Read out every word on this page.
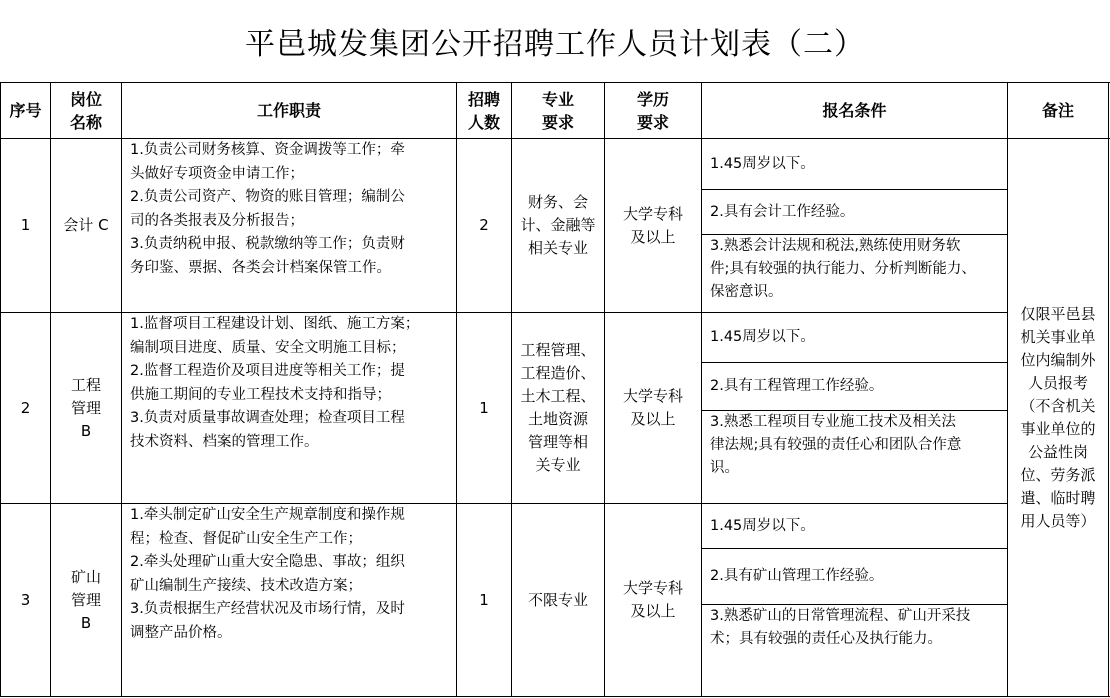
平邑城发集团公开招聘工作人员计划表（二）
序号
岗位
名称
工作职责
招聘
人数
专业
要求
学历
要求
报名条件	备注
1 会计 C
1.负责公司财务核算、资金调拨等工作；牵
头做好专项资金申请工作；
2.负责公司资产、物资的账目管理；编制公
司的各类报表及分析报告；
3.负责纳税申报、税款缴纳等工作；负责财
务印鉴、票据、各类会计档案保管工作。
2
财务、会
计、金融等
相关专业
大学专科
及以上
1.45周岁以下。
2.具有会计工作经验。
3.熟悉会计法规和税法,熟练使用财务软
件;具有较强的执行能力、分析判断能力、
保密意识。
2
工程
管理
B
1.监督项目工程建设计划、图纸、施工方案；
编制项目进度、质量、安全文明施工目标；
2.监督工程造价及项目进度等相关工作；提
供施工期间的专业工程技术支持和指导；
3.负责对质量事故调查处理；检查项目工程
技术资料、档案的管理工作。
1
工程管理、
工程造价、
土木工程、
土地资源
管理等相
关专业
大学专科
及以上
1.45周岁以下。
2.具有工程管理工作经验。
3.熟悉工程项目专业施工技术及相关法
律法规;具有较强的责任心和团队合作意
识。
3
矿山
管理
B
1.牵头制定矿山安全生产规章制度和操作规
程；检查、督促矿山安全生产工作；
2.牵头处理矿山重大安全隐患、事故；组织
矿山编制生产接续、技术改造方案；
3.负责根据生产经营状况及市场行情，及时
调整产品价格。
1	不限专业
大学专科
及以上
1.45周岁以下。
2.具有矿山管理工作经验。
3.熟悉矿山的日常管理流程、矿山开采技
术；具有较强的责任心及执行能力。
仅限平邑县
机关事业单
位内编制外
人员报考
（不含机关
事业单位的
公益性岗
位、劳务派
遣、临时聘
用人员等）
